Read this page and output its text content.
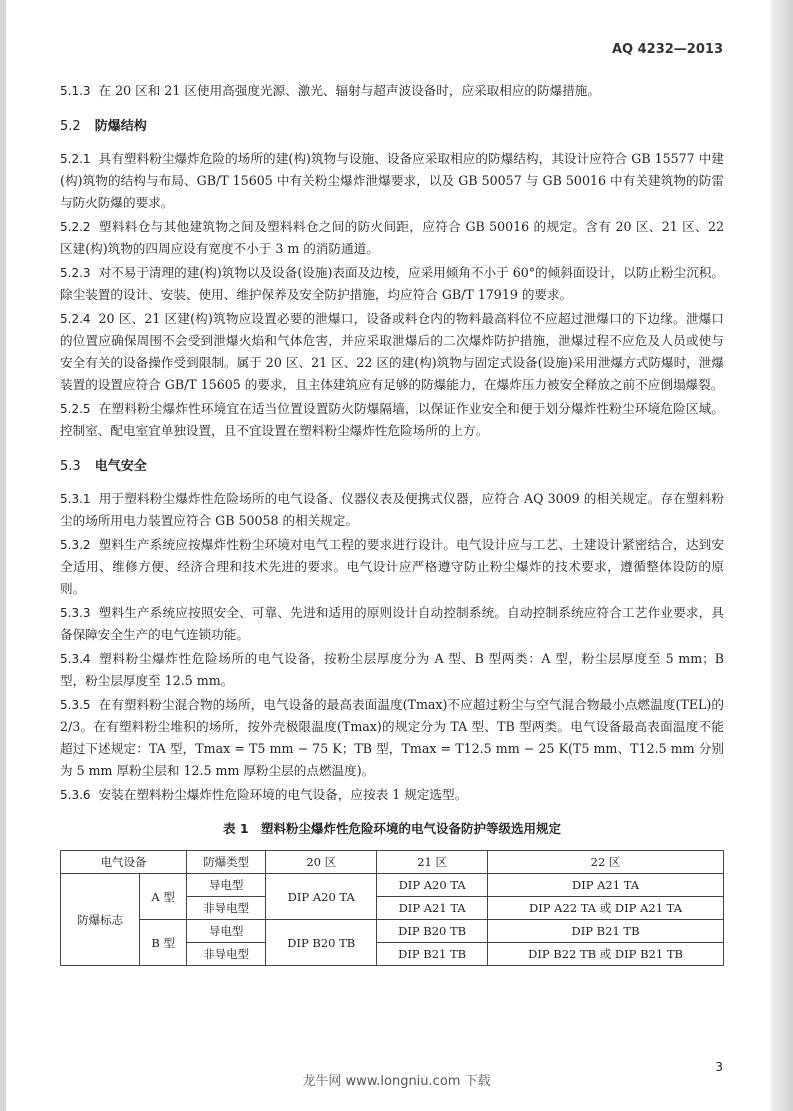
AQ 4232—2013

5.1.3 在 20 区和 21 区使用高强度光源、激光、辐射与超声波设备时，应采取相应的防爆措施。

5.2 防爆结构

5.2.1 具有塑料粉尘爆炸危险的场所的建(构)筑物与设施、设备应采取相应的防爆结构，其设计应符合 GB 15577 中建(构)筑物的结构与布局、GB/T 15605 中有关粉尘爆炸泄爆要求，以及 GB 50057 与 GB 50016 中有关建筑物的防雷与防火防爆的要求。

5.2.2 塑料料仓与其他建筑物之间及塑料料仓之间的防火间距，应符合 GB 50016 的规定。含有 20 区、21 区、22 区建(构)筑物的四周应设有宽度不小于 3 m 的消防通道。

5.2.3 对不易于清理的建(构)筑物以及设备(设施)表面及边棱，应采用倾角不小于 60°的倾斜面设计，以防止粉尘沉积。除尘装置的设计、安装、使用、维护保养及安全防护措施，均应符合 GB/T 17919 的要求。

5.2.4 20 区、21 区建(构)筑物应设置必要的泄爆口，设备或料仓内的物料最高料位不应超过泄爆口的下边缘。泄爆口的位置应确保周围不会受到泄爆火焰和气体危害，并应采取泄爆后的二次爆炸防护措施，泄爆过程不应危及人员或使与安全有关的设备操作受到限制。属于 20 区、21 区、22 区的建(构)筑物与固定式设备(设施)采用泄爆方式防爆时，泄爆装置的设置应符合 GB/T 15605 的要求，且主体建筑应有足够的防爆能力，在爆炸压力被安全释放之前不应倒塌爆裂。

5.2.5 在塑料粉尘爆炸性环境宜在适当位置设置防火防爆隔墙，以保证作业安全和便于划分爆炸性粉尘环境危险区域。控制室、配电室宜单独设置，且不宜设置在塑料粉尘爆炸性危险场所的上方。

5.3 电气安全

5.3.1 用于塑料粉尘爆炸性危险场所的电气设备、仪器仪表及便携式仪器，应符合 AQ 3009 的相关规定。存在塑料粉尘的场所用电力装置应符合 GB 50058 的相关规定。

5.3.2 塑料生产系统应按爆炸性粉尘环境对电气工程的要求进行设计。电气设计应与工艺、土建设计紧密结合，达到安全适用、维修方便、经济合理和技术先进的要求。电气设计应严格遵守防止粉尘爆炸的技术要求，遵循整体设防的原则。

5.3.3 塑料生产系统应按照安全、可靠、先进和适用的原则设计自动控制系统。自动控制系统应符合工艺作业要求，具备保障安全生产的电气连锁功能。

5.3.4 塑料粉尘爆炸性危险场所的电气设备，按粉尘层厚度分为 A 型、B 型两类：A 型，粉尘层厚度至 5 mm；B 型，粉尘层厚度至 12.5 mm。

5.3.5 在有塑料粉尘混合物的场所，电气设备的最高表面温度(Tmax)不应超过粉尘与空气混合物最小点燃温度(TEL)的 2/3。在有塑料粉尘堆积的场所，按外壳极限温度(Tmax)的规定分为 TA 型、TB 型两类。电气设备最高表面温度不能超过下述规定：TA 型，Tmax = T5 mm − 75 K；TB 型，Tmax = T12.5 mm − 25 K(T5 mm、T12.5 mm 分别为 5 mm 厚粉尘层和 12.5 mm 厚粉尘层的点燃温度)。

5.3.6 安装在塑料粉尘爆炸性危险环境的电气设备，应按表 1 规定选型。

表 1　塑料粉尘爆炸性危险环境的电气设备防护等级选用规定
电气设备		防爆类型	20 区	21 区	22 区
防爆标志	A 型	导电型	DIP A20 TA	DIP A20 TA	DIP A21 TA
		非导电型		DIP A21 TA	DIP A22 TA 或 DIP A21 TA
	B 型	导电型	DIP B20 TB	DIP B20 TB	DIP B21 TB
		非导电型		DIP B21 TB	DIP B22 TB 或 DIP B21 TB
3
龙牛网 www.longniu.com 下载
